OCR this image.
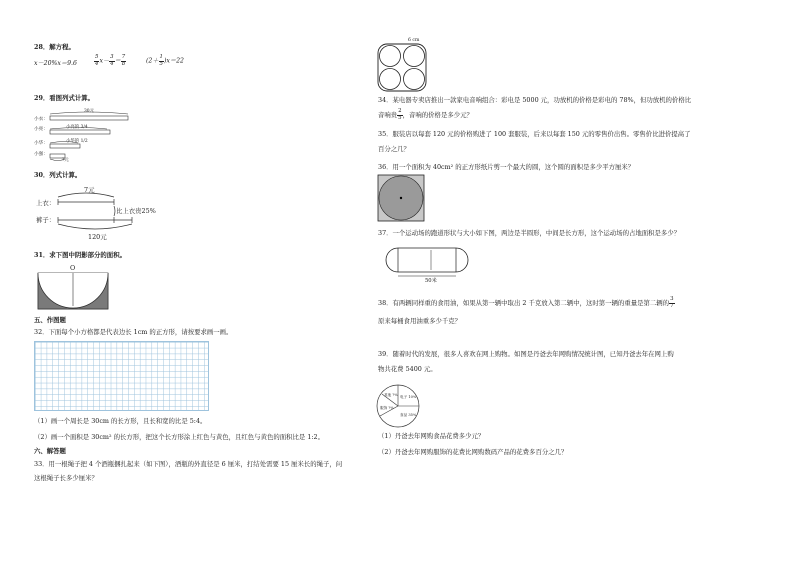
28．解方程。
x－20%x＝9.6	$\frac{5}{4} x- \frac{3}{4} = \frac{7}{8}$	$(2+ \frac{1}{5} )x=22$
29．看图列式计算。
小衣：
小亮：
小华：
小强：
30元
小亮的 3/4
小华的 1/2
?元
30．列式计算。
上衣：
裤子：
7元
比上衣贵25%
120元
31．求下图中阴影部分的面积。
O
五、作图题
32．下面每个小方格都是代表边长 1cm 的正方形，请按要求画一画。
（1）画一个周长是 30cm 的长方形，且长和宽的比是 5:4。
（2）画一个面积是 30cm² 的长方形，把这个长方形涂上红色与黄色，且红色与黄色的面积比是 1:2。
六、解答题
33．用一根绳子把 4 个酒瓶捆扎起来（如下图），酒瓶的外直径是 6 厘米，打结处需要 15 厘米长的绳子，问
这根绳子长多少厘米？
6 cm
34．某电器专卖店推出一款家电音响组合：彩电是 5000 元，功放机的价格是彩电的 78%，但功放机的价格比
音响贵 $\frac{2}{5}$ ，音响的价格是多少元？
35．服装店以每套 120 元的价格购进了 100 套服装，后来以每套 150 元的零售价出售。零售价比进价提高了
百分之几？
36．用一个面积为 40cm² 的正方形纸片剪一个最大的圆，这个圆的面积是多少平方厘米？
37．一个运动场的跑道形状与大小如下图，两边是半圆形，中间是长方形，这个运动场的占地面积是多少？
50米
38．有两辆同样重的食用油，如果从第一辆中取出 2 千克放入第二辆中，这时第一辆的重量是第二辆的 $\frac{3}{7}$
原来每桶食用油重多少千克？
39．随着时代的发展，很多人喜欢在网上购物。如图是丹爸去年网购情况统计图，已知丹爸去年在网上购
物共花费 5400 元。
其他 ?% 电子 10%
服饰 ?%
食品 35%
（1）丹爸去年网购食品花费多少元？
（2）丹爸去年网购服饰的花费比网购数码产品的花费多百分之几？
